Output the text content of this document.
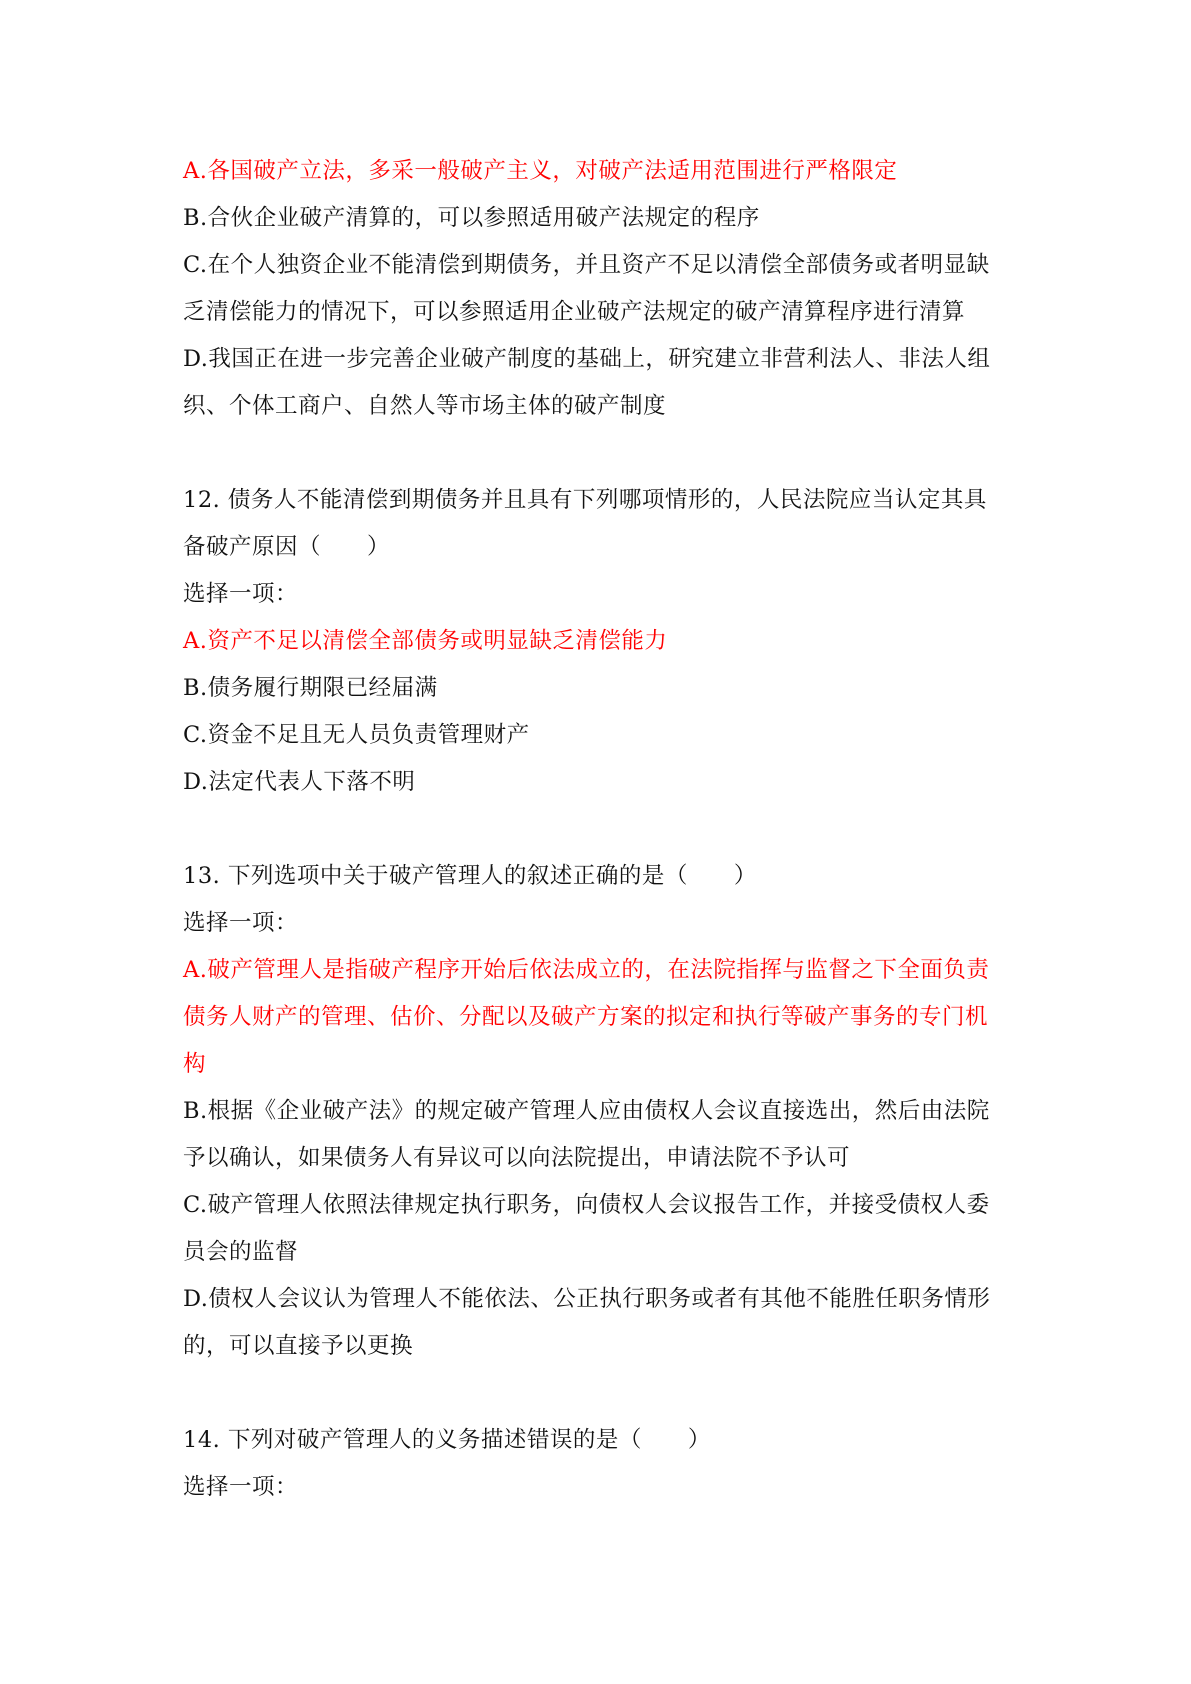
A.各国破产立法，多采一般破产主义，对破产法适用范围进行严格限定
B.合伙企业破产清算的，可以参照适用破产法规定的程序
C.在个人独资企业不能清偿到期债务，并且资产不足以清偿全部债务或者明显缺
乏清偿能力的情况下，可以参照适用企业破产法规定的破产清算程序进行清算
D.我国正在进一步完善企业破产制度的基础上，研究建立非营利法人、非法人组
织、个体工商户、自然人等市场主体的破产制度
12. 债务人不能清偿到期债务并且具有下列哪项情形的，人民法院应当认定其具
备破产原因（　　）
选择一项：
A.资产不足以清偿全部债务或明显缺乏清偿能力
B.债务履行期限已经届满
C.资金不足且无人员负责管理财产
D.法定代表人下落不明
13. 下列选项中关于破产管理人的叙述正确的是（　　）
选择一项：
A.破产管理人是指破产程序开始后依法成立的，在法院指挥与监督之下全面负责
债务人财产的管理、估价、分配以及破产方案的拟定和执行等破产事务的专门机
构
B.根据《企业破产法》的规定破产管理人应由债权人会议直接选出，然后由法院
予以确认，如果债务人有异议可以向法院提出，申请法院不予认可
C.破产管理人依照法律规定执行职务，向债权人会议报告工作，并接受债权人委
员会的监督
D.债权人会议认为管理人不能依法、公正执行职务或者有其他不能胜任职务情形
的，可以直接予以更换
14. 下列对破产管理人的义务描述错误的是（　　）
选择一项：
